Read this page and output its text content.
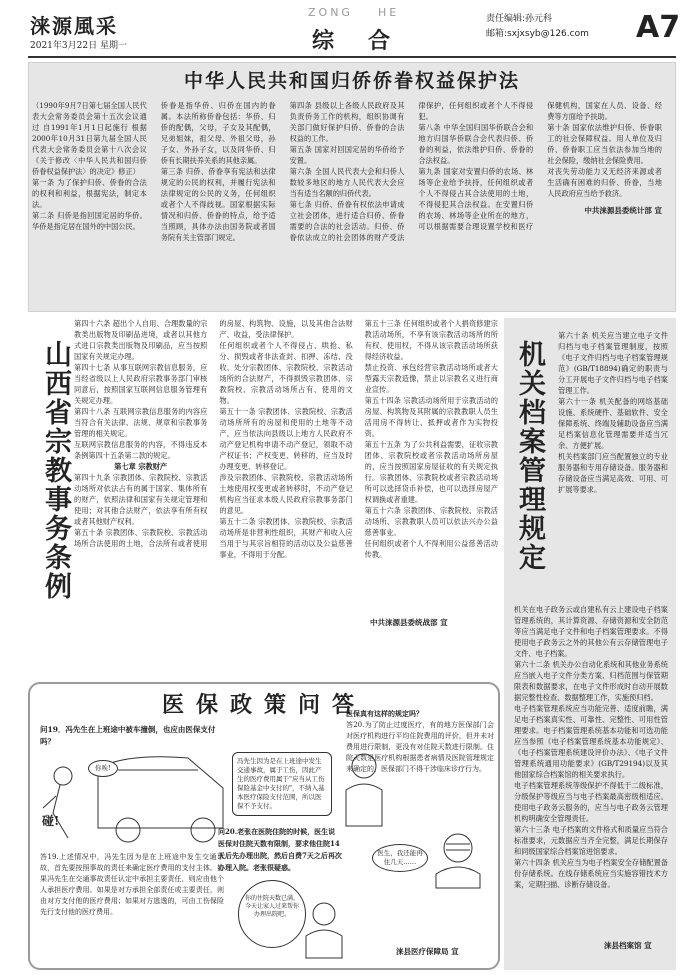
涞源風采
2021年3月22日 星期一
ZONG HE
综合
责任编辑:孙元科
邮箱:sxjxsyb@126.com A7
中华人民共和国归侨侨眷权益保护法

（1990年9月7日第七届全国人民代表大会常务委员会第十五次会议通过 自1991年1月1日起施行 根据2000年10月31日第九届全国人民代表大会常务委员会第十八次会议《关于修改〈中华人民共和国归侨侨眷权益保护法〉的决定》修正）

第一条 为了保护归侨、侨眷的合法的权利和利益，根据宪法，制定本法。

第二条 归侨是指回国定居的华侨。华侨是指定居在国外的中国公民。

侨眷是指华侨、归侨在国内的眷属。本法所称侨眷包括：华侨、归侨的配偶，父母，子女及其配偶，兄弟姐妹，祖父母、外祖父母，孙子女、外孙子女，以及同华侨、归侨有长期扶养关系的其他亲属。

第三条 归侨、侨眷享有宪法和法律规定的公民的权利，并履行宪法和法律规定的公民的义务，任何组织或者个人不得歧视。国家根据实际情况和归侨、侨眷的特点，给予适当照顾，具体办法由国务院或者国务院有关主管部门规定。

第四条 县级以上各级人民政府及其负责侨务工作的机构，组织协调有关部门做好保护归侨、侨眷的合法权益的工作。

第五条 国家对回国定居的华侨给予安置。

第六条 全国人民代表大会和归侨人数较多地区的地方人民代表大会应当有适当名额的归侨代表。

第七条 归侨、侨眷有权依法申请成立社会团体，进行适合归侨、侨眷需要的合法的社会活动。归侨、侨眷依法成立的社会团体的财产受法律保护，任何组织或者个人不得侵犯。

第八条 中华全国归国华侨联合会和地方归国华侨联合会代表归侨、侨眷的利益，依法维护归侨、侨眷的合法权益。

第九条 国家对安置归侨的农场、林场等企业给予扶持，任何组织或者个人不得侵占其合法使用的土地，不得侵犯其合法权益。在安置归侨的农场、林场等企业所在的地方，可以根据需要合理设置学校和医疗保健机构，国家在人员、设备、经费等方面给予扶助。

第十条 国家依法维护归侨、侨眷职工的社会保障权益。用人单位及归侨、侨眷职工应当依法参加当地的社会保险，缴纳社会保险费用。

对丧失劳动能力又无经济来源或者生活确有困难的归侨、侨眷，当地人民政府应当给予救济。

中共涞源县委统计部 宣

山西省宗教事务条例

第四十六条 超出个人自用、合理数量的宗教类出版物及印刷品进境，或者以其他方式进口宗教类出版物及印刷品，应当按照国家有关规定办理。

第四十七条 从事互联网宗教信息服务，应当经省级以上人民政府宗教事务部门审核同意后，按照国家互联网信息服务管理有关规定办理。

第四十八条 互联网宗教信息服务的内容应当符合有关法律、法规、规章和宗教事务管理的相关规定。

互联网宗教信息服务的内容，不得违反本条例第四十五条第二款的规定。

第七章 宗教财产

第四十九条 宗教团体、宗教院校、宗教活动场所对依法占有的属于国家、集体所有的财产，依照法律和国家有关规定管理和使用；对其他合法财产，依法享有所有权或者其他财产权利。

第五十条 宗教团体、宗教院校、宗教活动场所合法使用的土地，合法所有或者使用的房屋、构筑物、设施，以及其他合法财产、收益，受法律保护。

任何组织或者个人不得侵占、哄抢、私分、损毁或者非法查封、扣押、冻结、没收、处分宗教团体、宗教院校、宗教活动场所的合法财产，不得损毁宗教团体、宗教院校、宗教活动场所占有、使用的文物。

第五十一条 宗教团体、宗教院校、宗教活动场所所有的房屋和使用的土地等不动产，应当依法向县级以上地方人民政府不动产登记机构申请不动产登记，领取不动产权证书；产权变更、转移的，应当及时办理变更、转移登记。

涉及宗教团体、宗教院校、宗教活动场所土地使用权变更或者转移时，不动产登记机构应当征求本级人民政府宗教事务部门的意见。

第五十二条 宗教团体、宗教院校、宗教活动场所是非营利性组织，其财产和收入应当用于与其宗旨相符的活动以及公益慈善事业，不得用于分配。

第五十三条 任何组织或者个人捐资修建宗教活动场所，不享有该宗教活动场所的所有权、使用权，不得从该宗教活动场所获得经济收益。

禁止投资、承包经营宗教活动场所或者大型露天宗教造像，禁止以宗教名义进行商业宣传。

第五十四条 宗教活动场所用于宗教活动的房屋、构筑物及其附属的宗教教职人员生活用房不得转让、抵押或者作为实物投资。

第五十五条 为了公共利益需要，征收宗教团体、宗教院校或者宗教活动场所房屋的，应当按照国家房屋征收的有关规定执行。宗教团体、宗教院校或者宗教活动场所可以选择货币补偿，也可以选择房屋产权调换或者重建。

第五十六条 宗教团体、宗教院校、宗教活动场所、宗教教职人员可以依法兴办公益慈善事业。

任何组织或者个人不得利用公益慈善活动传教。

中共涞源县委统战部 宣
机关档案管理规定

第六十条 机关应当建立电子文件归档与电子档案管理制度，按照《电子文件归档与电子档案管理规范》(GB/T18894)确定的职责与分工开展电子文件归档与电子档案管理工作。

第六十一条 机关配备的网络基础设施、系统硬件、基础软件、安全保障系统、终端及辅助设备应当满足档案信息化管理需要并适当冗余、方便扩展。

机关档案部门应当配置独立的专业服务器和专用存储设备。服务器和存储设备应当满足高效、可用、可扩展等要求。

机关在电子政务云或自建私有云上建设电子档案管理系统的，其计算资源、存储资源和安全防范等应当满足电子文件和电子档案管理要求。不得使用电子政务云之外的其他公有云存储管理电子文件、电子档案。

第六十二条 机关办公自动化系统和其他业务系统应当嵌入电子文件分类方案、归档范围与保管期限表和数据要求，在电子文件形成时自动开展数据完整性检查、数据整理工作，实施预归档。

电子档案管理系统应当功能完善、适度前瞻，满足电子档案真实性、可靠性、完整性、可用性管理要求。电子档案管理系统基本功能和可选功能应当参照《电子档案管理系统基本功能规定》、《电子档案管理系统建设评价办法》、《电子文件管理系统通用功能要求》(GB/T29194)以及其他国家综合档案馆的相关要求执行。

电子档案管理系统等级保护不得低于二级标准，分级保护等级应当与电子档案最高密级相适应。使用电子政务云服务的，应当与电子政务云管理机构明确安全管理责任。

第六十三条 电子档案的文件格式和质量应当符合标准要求，元数据应当齐全完整，满足长期保存和同级国家综合档案馆进馆要求。

第六十四条 机关应当为电子档案安全存储配置备份存储系统。在线存储系统应当实施容错技术方案，定期扫描、诊断存储设备。

涞县档案馆 宣
医保政策问答
问19．冯先生在上班途中被车撞倒，也应由医保支付吗？
你唉!
碰!
冯先生因为是在上班途中发生交通事故，属于工伤，因此产生的医疗费用属于"应当从工伤保险基金中支付的"，不纳入基本医疗保险支付范围，所以医保不予支付。

答19.上述情况中，冯先生因为是在上班途中发生交通事故，首先要按照事故的责任来确定医疗费用的支付主体。如果冯先生在交通事故责任认定中承担主要责任，则应由他个人承担医疗费用。如果是对方承担全部责任或主要责任，则由对方支付他的医疗费用；如果对方逃逸的，可由工伤保险先行支付他的医疗费用。

问20.老张在医院住院的时候，医生说医保对住院天数有限制，要求他住院14天后先办理出院，然后自费7天之后再次办理入院。老张很疑惑。
你的住院天数已满，今天让家人过来帮你办理出院吧。
医保真有这样的规定吗？

答20.为了防止过度医疗，有的地方医保部门会对医疗机构进行平均住院费用的评价，但并未对费用进行限制，更没有对住院天数进行限制。住院天数是医疗机构根据患者病情及医院管理规定来确定的，医保部门不得干涉临床诊疗行为。

医生，我还能再住几天……
涞县医疗保障局 宣
